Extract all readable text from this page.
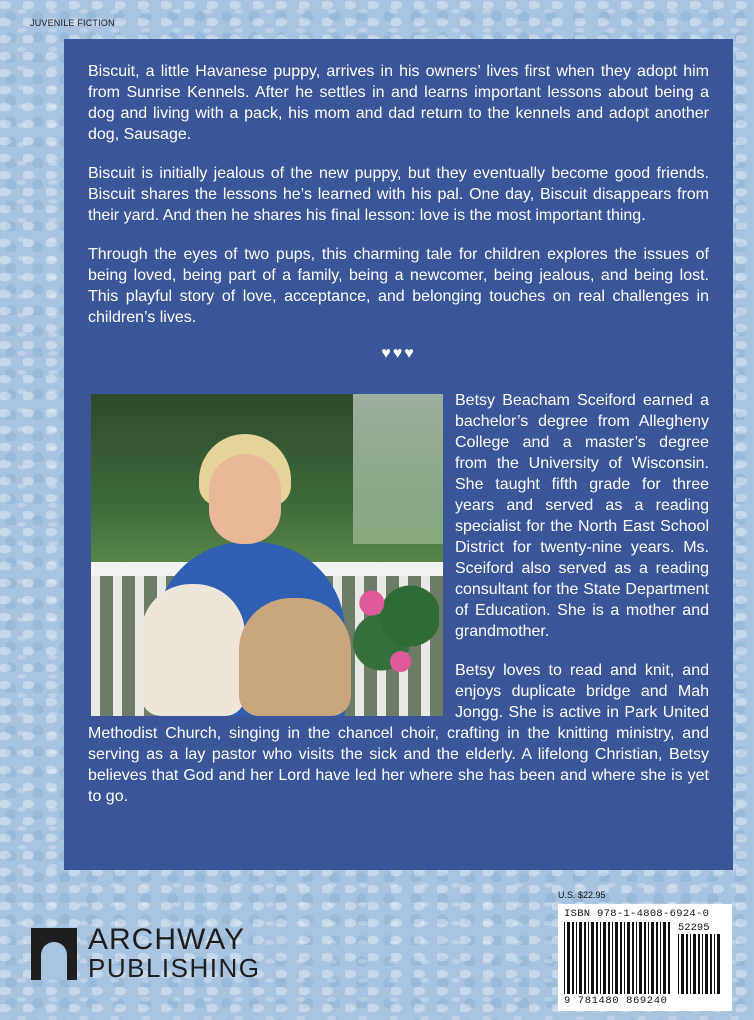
JUVENILE FICTION

Biscuit, a little Havanese puppy, arrives in his owners’ lives first when they adopt him from Sunrise Kennels. After he settles in and learns important lessons about being a dog and living with a pack, his mom and dad return to the kennels and adopt another dog, Sausage.

Biscuit is initially jealous of the new puppy, but they eventually become good friends. Biscuit shares the lessons he’s learned with his pal. One day, Biscuit disappears from their yard. And then he shares his final lesson: love is the most important thing.

Through the eyes of two pups, this charming tale for children explores the issues of being loved, being part of a family, being a newcomer, being jealous, and being lost. This playful story of love, acceptance, and belonging touches on real challenges in children’s lives.

♥♥♥

Betsy Beacham Sceiford earned a bachelor’s degree from Allegheny College and a master’s degree from the University of Wisconsin. She taught fifth grade for three years and served as a reading specialist for the North East School District for twenty-nine years. Ms. Sceiford also served as a reading consultant for the State Department of Education. She is a mother and grandmother.

Betsy loves to read and knit, and enjoys duplicate bridge and Mah Jongg. She is active in Park United Methodist Church, singing in the chancel choir, crafting in the knitting ministry, and serving as a lay pastor who visits the sick and the elderly. A lifelong Christian, Betsy believes that God and her Lord have led her where she has been and where she is yet to go.

ARCHWAY
PUBLISHING
U.S. $22.95
ISBN 978-1-4808-6924-0
52295
9 781480 869240
